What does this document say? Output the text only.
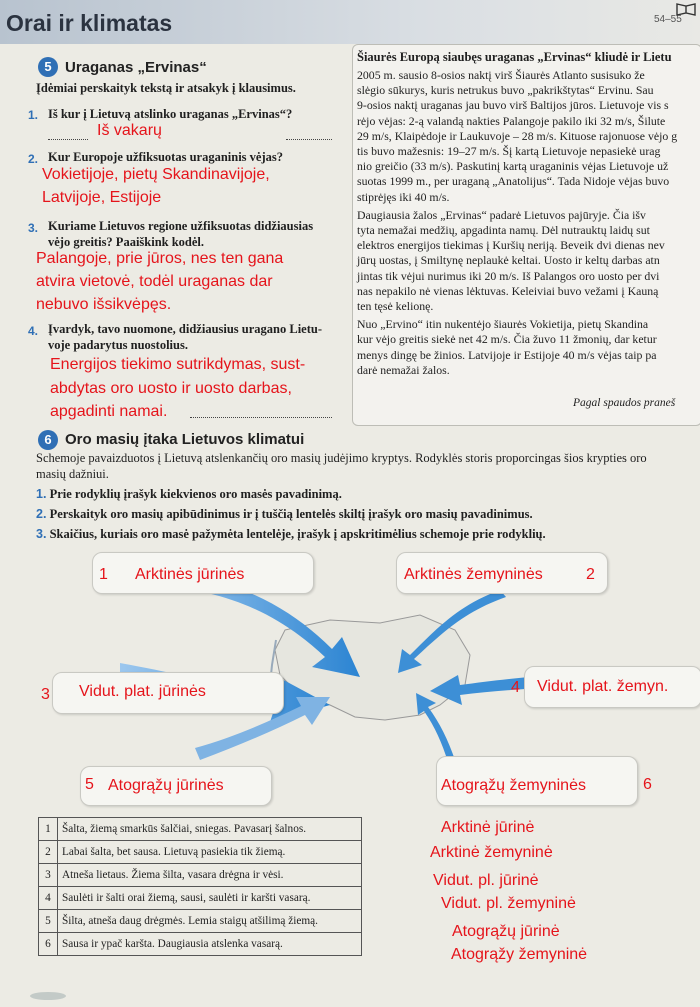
Orai ir klimatas	54–55
5 Uraganas „Ervinas“
Įdėmiai perskaityk tekstą ir atsakyk į klausimus.
1. Iš kur į Lietuvą atslinko uraganas „Ervinas“?
Iš vakarų
2. Kur Europoje užfiksuotas uraganinis vėjas?
Vokietijoje, pietų Skandinavijoje,
Latvijoje, Estijoje
3. Kuriame Lietuvos regione užfiksuotas didžiausias
vėjo greitis? Paaiškink kodėl.
Palangoje, prie jūros, nes ten gana
atvira vietovė, todėl uraganas dar
nebuvo išsikvėpęs.
4. Įvardyk, tavo nuomone, didžiausius uragano Lietu-
voje padarytus nuostolius.
Energijos tiekimo sutrikdymas, sust-
abdytas oro uosto ir uosto darbas,
apgadinti namai.
Šiaurės Europą siaubęs uraganas „Ervinas“ kliudė ir Lietu

2005 m. sausio 8-osios naktį virš Šiaurės Atlanto susisuko že

slėgio sūkurys, kuris netrukus buvo „pakrikštytas“ Ervinu. Sau

9-osios naktį uraganas jau buvo virš Baltijos jūros. Lietuvoje vis s

rėjo vėjas: 2-ą valandą nakties Palangoje pakilo iki 32 m/s, Šilute

29 m/s, Klaipėdoje ir Laukuvoje – 28 m/s. Kituose rajonuose vėjo g

tis buvo mažesnis: 19–27 m/s. Šį kartą Lietuvoje nepasiekė urag

nio greičio (33 m/s). Paskutinį kartą uraganinis vėjas Lietuvoje už

suotas 1999 m., per uraganą „Anatolijus“. Tada Nidoje vėjas buvo

stiprėjęs iki 40 m/s.

Daugiausia žalos „Ervinas“ padarė Lietuvos pajūryje. Čia išv

tyta nemažai medžių, apgadinta namų. Dėl nutrauktų laidų sut

elektros energijos tiekimas į Kuršių neriją. Beveik dvi dienas nev

jūrų uostas, į Smiltynę neplaukė keltai. Uosto ir keltų darbas atn

jintas tik vėjui nurimus iki 20 m/s. Iš Palangos oro uosto per dvi

nas nepakilo nė vienas lėktuvas. Keleiviai buvo vežami į Kauną

ten tęsė kelionę.

Nuo „Ervino“ itin nukentėjo šiaurės Vokietija, pietų Skandina

kur vėjo greitis siekė net 42 m/s. Čia žuvo 11 žmonių, dar ketur

menys dingę be žinios. Latvijoje ir Estijoje 40 m/s vėjas taip pa

darė nemažai žalos.

Pagal spaudos praneš
6 Oro masių įtaka Lietuvos klimatui
Schemoje pavaizduotos į Lietuvą atslenkančių oro masių judėjimo kryptys. Rodyklės storis proporcingas šios krypties oro
masių dažniui.
1. Prie rodyklių įrašyk kiekvienos oro masės pavadinimą.
2. Perskaityk oro masių apibūdinimus ir į tuščią lentelės skiltį įrašyk oro masių pavadinimus.
3. Skaičius, kuriais oro masė pažymėta lentelėje, įrašyk į apskritimėlius schemoje prie rodyklių.
1 Arktinės jūrinės	Arktinės žemyninės	2
3 Vidut. plat. jūrinės	4 Vidut. plat. žemyn.
5 Atogrąžų jūrinės	Atogrąžų žemyninės	6
1	Šalta, žiemą smarkūs šalčiai, sniegas. Pavasarį šalnos.
2	Labai šalta, bet sausa. Lietuvą pasiekia tik žiemą.
3	Atneša lietaus. Žiema šilta, vasara drėgna ir vėsi.
4	Saulėti ir šalti orai žiemą, sausi, saulėti ir karšti vasarą.
5	Šilta, atneša daug drėgmės. Lemia staigų atšilimą žiemą.
6	Sausa ir ypač karšta. Daugiausia atslenka vasarą.
Arktinė jūrinė
Arktinė žemyninė
Vidut. pl. jūrinė
Vidut. pl. žemyninė
Atogrąžų jūrinė
Atogrąžy žemyninė
